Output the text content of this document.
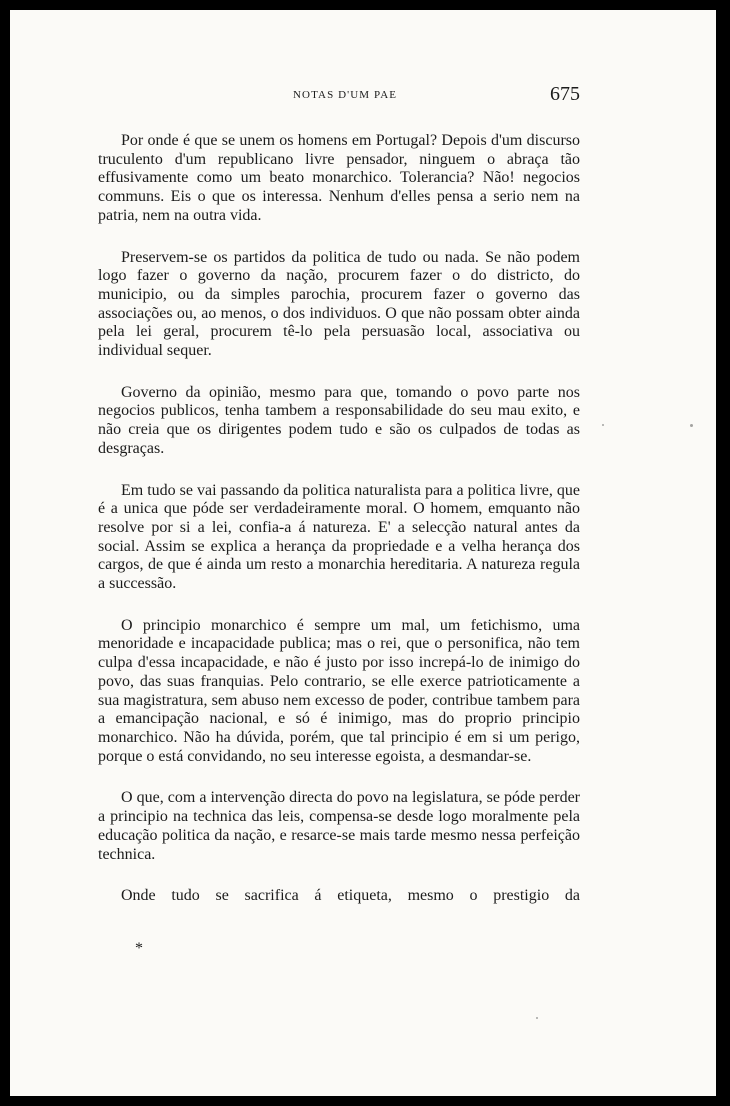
NOTAS D'UM PAE	675

Por onde é que se unem os homens em Portugal? Depois d'um discurso truculento d'um republicano livre pensador, ninguem o abraça tão effusivamente como um beato monarchico. Tolerancia? Não! negocios communs. Eis o que os interessa. Nenhum d'elles pensa a serio nem na patria, nem na outra vida.

Preservem-se os partidos da politica de tudo ou nada. Se não podem logo fazer o governo da nação, procurem fazer o do districto, do municipio, ou da simples parochia, procurem fazer o governo das associações ou, ao menos, o dos individuos. O que não possam obter ainda pela lei geral, procurem tê-lo pela persuasão local, associativa ou individual sequer.

Governo da opinião, mesmo para que, tomando o povo parte nos negocios publicos, tenha tambem a responsabilidade do seu mau exito, e não creia que os dirigentes podem tudo e são os culpados de todas as desgraças.

Em tudo se vai passando da politica naturalista para a politica livre, que é a unica que póde ser verdadeiramente moral. O homem, emquanto não resolve por si a lei, confia-a á natureza. E' a selecção natural antes da social. Assim se explica a herança da propriedade e a velha herança dos cargos, de que é ainda um resto a monarchia hereditaria. A natureza regula a successão.

O principio monarchico é sempre um mal, um fetichismo, uma menoridade e incapacidade publica; mas o rei, que o personifica, não tem culpa d'essa incapacidade, e não é justo por isso increpá-lo de inimigo do povo, das suas franquias. Pelo contrario, se elle exerce patrioticamente a sua magistratura, sem abuso nem excesso de poder, contribue tambem para a emancipação nacional, e só é inimigo, mas do proprio principio monarchico. Não ha dúvida, porém, que tal principio é em si um perigo, porque o está convidando, no seu interesse egoista, a desmandar-se.

O que, com a intervenção directa do povo na legislatura, se póde perder a principio na technica das leis, compensa-se desde logo moralmente pela educação politica da nação, e resarce-se mais tarde mesmo nessa perfeição technica.

Onde tudo se sacrifica á etiqueta, mesmo o prestigio da

*
